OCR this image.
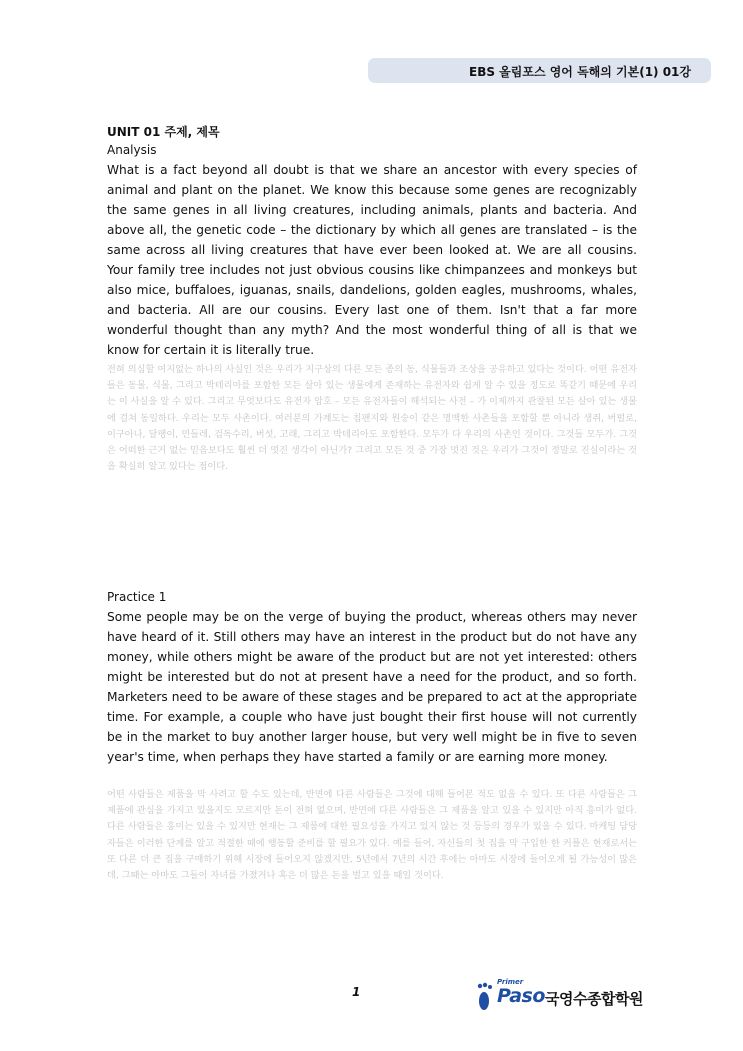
EBS 올림포스 영어 독해의 기본(1) 01강
UNIT 01 주제, 제목
Analysis

What is a fact beyond all doubt is that we share an ancestor with every species of animal and plant on the planet. We know this because some genes are recognizably the same genes in all living creatures, including animals, plants and bacteria. And above all, the genetic code – the dictionary by which all genes are translated – is the same across all living creatures that have ever been looked at. We are all cousins. Your family tree includes not just obvious cousins like chimpanzees and monkeys but also mice, buffaloes, iguanas, snails, dandelions, golden eagles, mushrooms, whales, and bacteria. All are our cousins. Every last one of them. Isn't that a far more wonderful thought than any myth? And the most wonderful thing of all is that we know for certain it is literally true.

전혀 의심할 여지없는 하나의 사실인 것은 우리가 지구상의 다른 모든 종의 동, 식물들과 조상을 공유하고 있다는 것이다. 어떤 유전자들은 동물, 식물, 그리고 박테리아를 포함한 모든 살아 있는 생물에게 존재하는 유전자와 쉽게 알 수 있을 정도로 똑같기 때문에 우리는 이 사실을 알 수 있다. 그리고 무엇보다도 유전자 암호 – 모든 유전자들이 해석되는 사전 – 가 이제까지 관찰된 모든 살아 있는 생물에 걸쳐 동일하다. 우리는 모두 사촌이다. 여러분의 가계도는 침팬지와 원숭이 같은 명백한 사촌들을 포함할 뿐 아니라 생쥐, 버펄로, 이구아나, 달팽이, 민들레, 검독수리, 버섯, 고래, 그리고 박테리아도 포함한다. 모두가 다 우리의 사촌인 것이다. 그것들 모두가. 그것은 어떠한 근거 없는 믿음보다도 훨씬 더 멋진 생각이 아닌가? 그리고 모든 것 중 가장 멋진 것은 우리가 그것이 정말로 진실이라는 것을 확실히 알고 있다는 점이다.

Practice 1

Some people may be on the verge of buying the product, whereas others may never have heard of it. Still others may have an interest in the product but do not have any money, while others might be aware of the product but are not yet interested: others might be interested but do not at present have a need for the product, and so forth. Marketers need to be aware of these stages and be prepared to act at the appropriate time. For example, a couple who have just bought their first house will not currently be in the market to buy another larger house, but very well might be in five to seven year's time, when perhaps they have started a family or are earning more money.

어떤 사람들은 제품을 막 사려고 할 수도 있는데, 반면에 다른 사람들은 그것에 대해 들어본 적도 없을 수 있다. 또 다른 사람들은 그 제품에 관심을 가지고 있을지도 모르지만 돈이 전혀 없으며, 반면에 다른 사람들은 그 제품을 알고 있을 수 있지만 아직 흥미가 없다. 다른 사람들은 흥미는 있을 수 있지만 현재는 그 제품에 대한 필요성을 가지고 있지 않는 것 등등의 경우가 있을 수 있다. 마케팅 담당자들은 이러한 단계를 알고 적절한 때에 행동할 준비를 할 필요가 있다. 예를 들어, 자신들의 첫 집을 막 구입한 한 커플은 현재로서는 또 다른 더 큰 집을 구매하기 위해 시장에 들어오지 않겠지만, 5년에서 7년의 시간 후에는 아마도 시장에 들어오게 될 가능성이 많은데, 그때는 아마도 그들이 자녀를 가졌거나 혹은 더 많은 돈을 벌고 있을 때일 것이다.

1
Primer
Paso 국영수종합학원
